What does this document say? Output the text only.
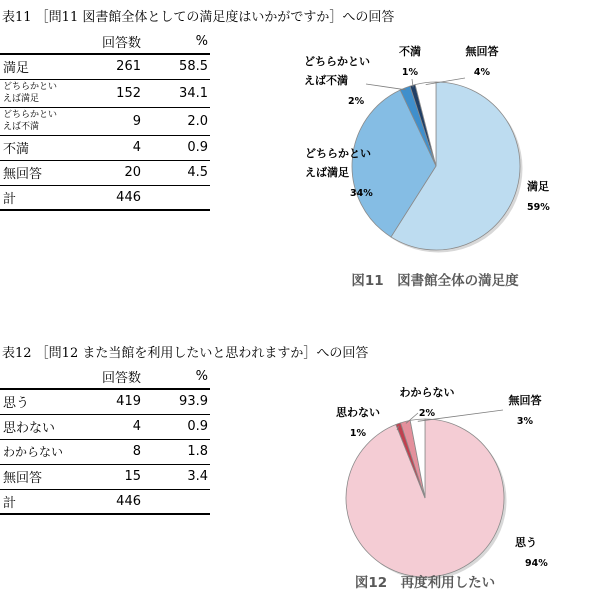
表11 ［問11 図書館全体としての満足度はいかがですか］への回答
	回答数	%
満足	261	58.5
どちらかとい
えば満足	152	34.1
どちらかとい
えば不満	9	2.0
不満	4	0.9
無回答	20	4.5
計	446	
満足
59%
どちらかといえば満足
34%
どちらかといえば不満
2%
不満
1%
無回答
4%
図11　図書館全体の満足度
表12 ［問12 また当館を利用したいと思われますか］への回答
	回答数	%
思う	419	93.9
思わない	4	0.9
わからない	8	1.8
無回答	15	3.4
計	446	
思う
94%
思わない
1%
わからない
2%
無回答
3%
図12　再度利用したい
